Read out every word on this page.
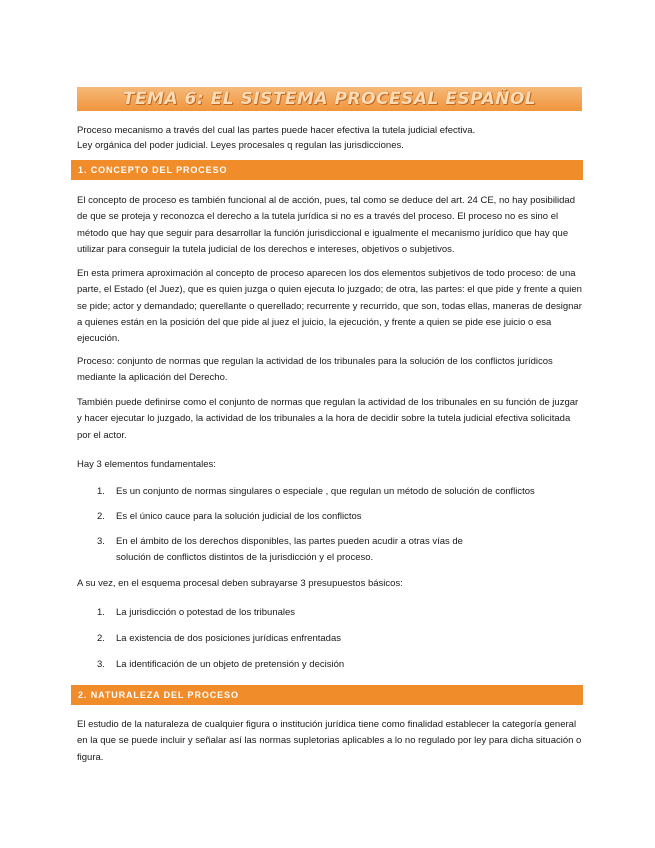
TEMA 6: EL SISTEMA PROCESAL ESPAÑOL

Proceso mecanismo a través del cual las partes puede hacer efectiva la tutela judicial efectiva.

Ley orgánica del poder judicial. Leyes procesales q regulan las jurisdicciones.

1. CONCEPTO DEL PROCESO

El concepto de proceso es también funcional al de acción, pues, tal como se deduce del art. 24 CE, no hay posibilidad de que se proteja y reconozca el derecho a la tutela jurídica si no es a través del proceso. El proceso no es sino el método que hay que seguir para desarrollar la función jurisdiccional e igualmente el mecanismo jurídico que hay que utilizar para conseguir la tutela judicial de los derechos e intereses, objetivos o subjetivos.

En esta primera aproximación al concepto de proceso aparecen los dos elementos subjetivos de todo proceso: de una parte, el Estado (el Juez), que es quien juzga o quien ejecuta lo juzgado; de otra, las partes: el que pide y frente a quien se pide; actor y demandado; querellante o querellado; recurrente y recurrido, que son, todas ellas, maneras de designar a quienes están en la posición del que pide al juez el juicio, la ejecución, y frente a quien se pide ese juicio o esa ejecución.

Proceso: conjunto de normas que regulan la actividad de los tribunales para la solución de los conflictos jurídicos mediante la aplicación del Derecho.

También puede definirse como el conjunto de normas que regulan la actividad de los tribunales en su función de juzgar y hacer ejecutar lo juzgado, la actividad de los tribunales a la hora de decidir sobre la tutela judicial efectiva solicitada por el actor.

Hay 3 elementos fundamentales:

1.	Es un conjunto de normas singulares o especiale , que regulan un método de solución de conflictos
2.	Es el único cauce para la solución judicial de los conflictos
3.	En el ámbito de los derechos disponibles, las partes pueden acudir a otras vías de solución de conflictos distintos de la jurisdicción y el proceso.

A su vez, en el esquema procesal deben subrayarse 3 presupuestos básicos:

1.	La jurisdicción o potestad de los tribunales
2.	La existencia de dos posiciones jurídicas enfrentadas
3.	La identificación de un objeto de pretensión y decisión
2. NATURALEZA DEL PROCESO

El estudio de la naturaleza de cualquier figura o institución jurídica tiene como finalidad establecer la categoría general en la que se puede incluir y señalar así las normas supletorias aplicables a lo no regulado por ley para dicha situación o figura.
